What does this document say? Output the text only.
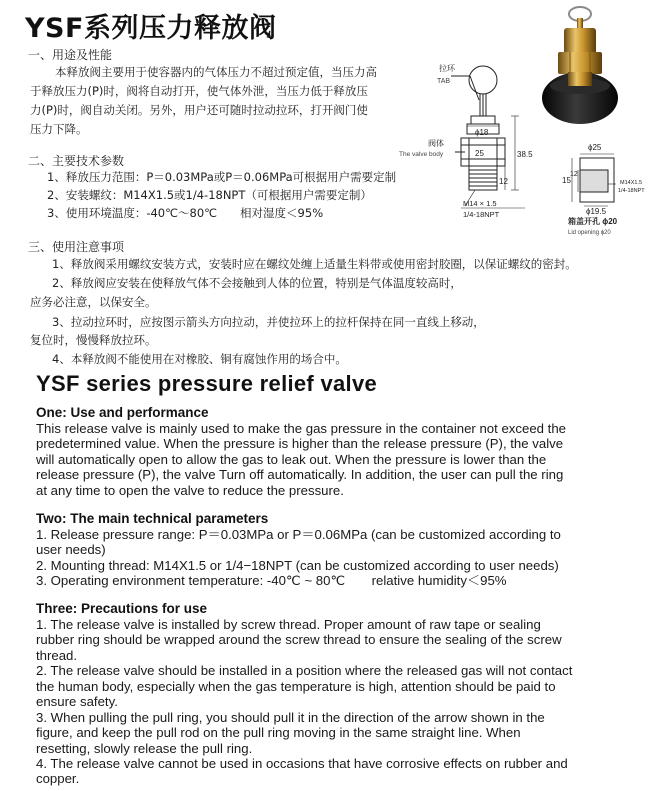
YSF系列压力释放阀

一、用途及性能

本释放阀主要用于使容器内的气体压力不超过预定值，当压力高

于释放压力(P)时，阀将自动打开，使气体外泄，当压力低于释放压

力(P)时，阀自动关闭。另外，用户还可随时拉动拉环，打开阀门使

压力下降。

二、主要技术参数

1、释放压力范围：P＝0.03MPa或P＝0.06MPa可根据用户需要定制

2、安装螺纹：M14X1.5或1/4-18NPT（可根据用户需要定制）

3、使用环境温度：-40℃～80℃　　相对湿度＜95%

三、使用注意事项

1、释放阀采用螺纹安装方式，安装时应在螺纹处缠上适量生料带或使用密封胶圈，以保证螺纹的密封。

2、释放阀应安装在使释放气体不会接触到人体的位置，特别是气体温度较高时，

应务必注意，以保安全。

3、拉动拉环时，应按图示箭头方向拉动，并使拉环上的拉杆保持在同一直线上移动，

复位时，慢慢释放拉环。

4、本释放阀不能使用在对橡胶、铜有腐蚀作用的场合中。

拉环
TAB
阀体
The valve body
ϕ18
25	38.5
12
M14 × 1.5
1/4-18NPT
ϕ25
15
12
M14X1.5
1/4-18NPT
ϕ19.5
箱盖开孔 ϕ20
Lid opening ϕ20
YSF series pressure relief valve

One: Use and performance

This release valve is mainly used to make the gas pressure in the container not exceed the

predetermined value. When the pressure is higher than the release pressure (P), the valve

will automatically open to allow the gas to leak out. When the pressure is lower than the

release pressure (P), the valve Turn off automatically. In addition, the user can pull the ring

at any time to open the valve to reduce the pressure.

Two: The main technical parameters

1. Release pressure range: P＝0.03MPa or P＝0.06MPa (can be customized according to

user needs)

2. Mounting thread: M14X1.5 or 1/4−18NPT (can be customized according to user needs)

3. Operating environment temperature: -40℃ ~ 80℃　　relative humidity＜95%

Three: Precautions for use

1. The release valve is installed by screw thread. Proper amount of raw tape or sealing

rubber ring should be wrapped around the screw thread to ensure the sealing of the screw

thread.

2. The release valve should be installed in a position where the released gas will not contact

the human body, especially when the gas temperature is high, attention should be paid to

ensure safety.

3. When pulling the pull ring, you should pull it in the direction of the arrow shown in the

figure, and keep the pull rod on the pull ring moving in the same straight line. When

resetting, slowly release the pull ring.

4. The release valve cannot be used in occasions that have corrosive effects on rubber and

copper.
